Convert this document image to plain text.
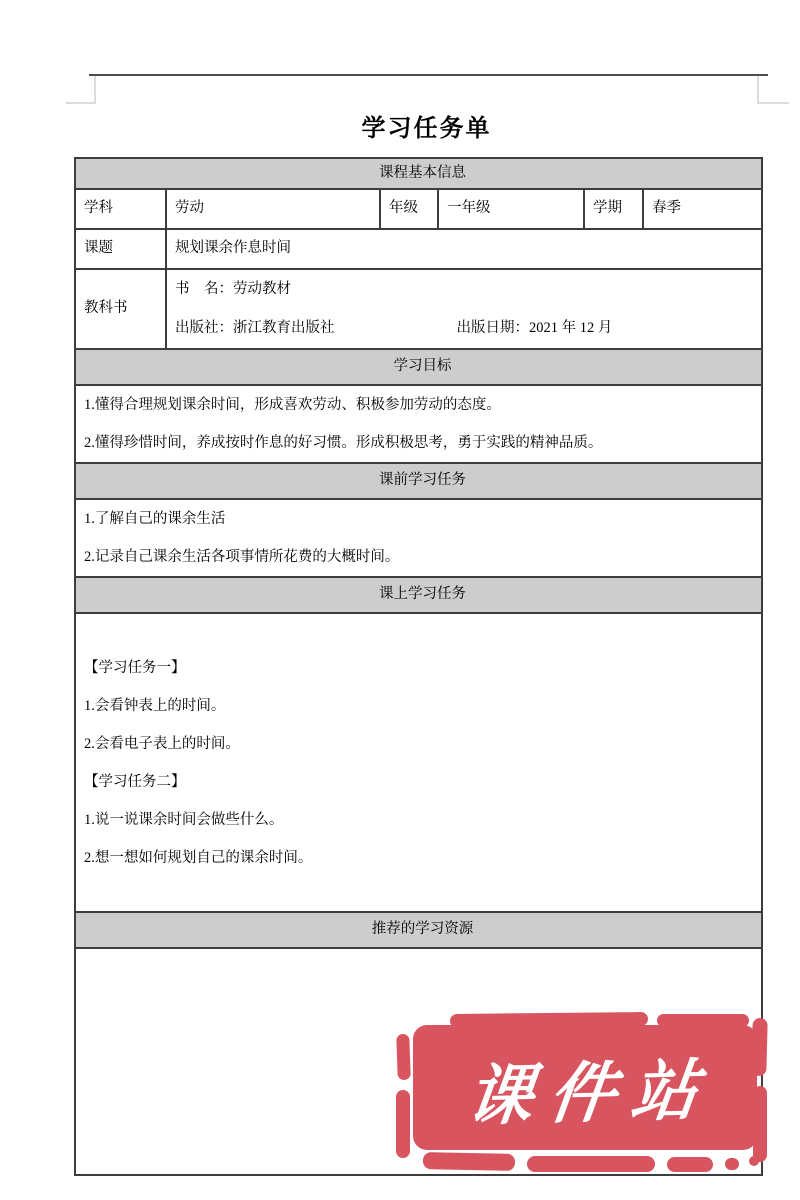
学习任务单
课程基本信息					
学科	劳动	年级	一年级	学期	春季
课题	规划课余作息时间				
教科书	书　名：劳动教材

出版社：浙江教育出版社 出版日期：2021 年 12 月				

学习目标					

1.懂得合理规划课余时间，形成喜欢劳动、积极参加劳动的态度。

2.懂得珍惜时间，养成按时作息的好习惯。形成积极思考，勇于实践的精神品质。					

课前学习任务					

1.了解自己的课余生活

2.记录自己课余生活各项事情所花费的大概时间。					

课上学习任务					

【学习任务一】

1.会看钟表上的时间。

2.会看电子表上的时间。

【学习任务二】

1.说一说课余时间会做些什么。

2.想一想如何规划自己的课余时间。

推荐的学习资源					

课件站
